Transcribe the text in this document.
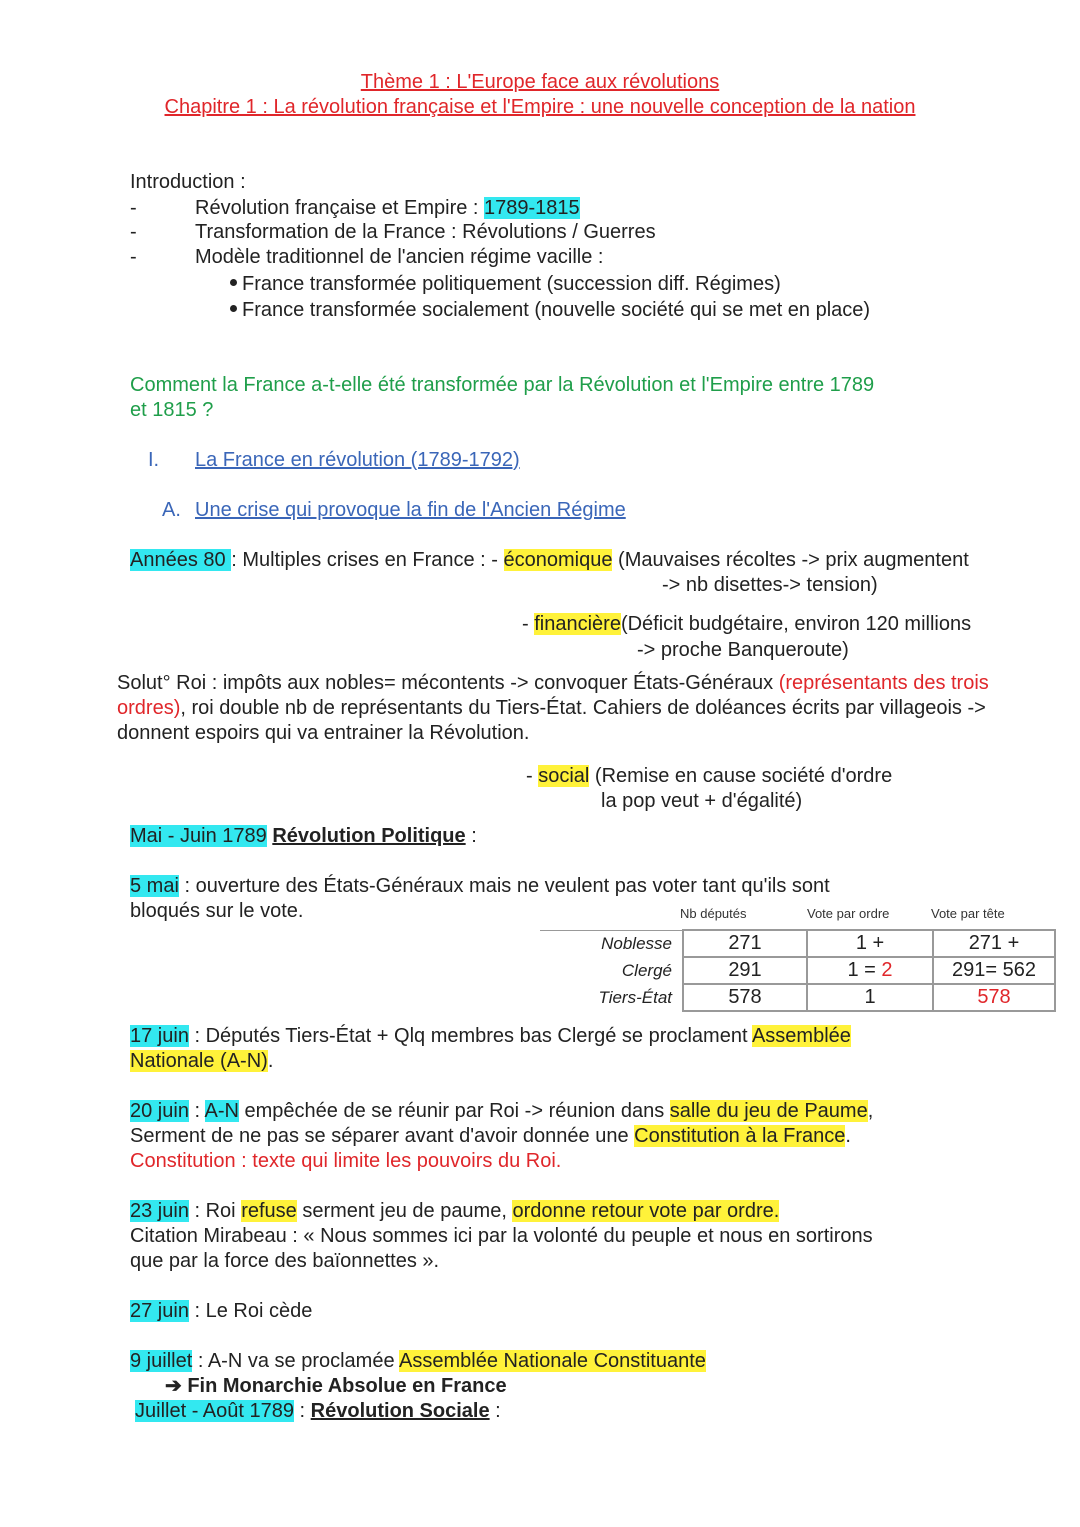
Thème 1 : L'Europe face aux révolutions
Chapitre 1 : La révolution française et l'Empire : une nouvelle conception de la nation
Introduction :
-	Révolution française et Empire : 1789-1815
-	Transformation de la France : Révolutions / Guerres
-	Modèle traditionnel de l'ancien régime vacille :
France transformée politiquement (succession diff. Régimes)
France transformée socialement (nouvelle société qui se met en place)
Comment la France a-t-elle été transformée par la Révolution et l'Empire entre 1789
et 1815 ?
I. La France en révolution (1789-1792)
A. Une crise qui provoque la fin de l'Ancien Régime
Années 80 : Multiples crises en France : - économique (Mauvaises récoltes -> prix augmentent
-> nb disettes-> tension)
- financière(Déficit budgétaire, environ 120 millions
-> proche Banqueroute)
Solut° Roi : impôts aux nobles= mécontents -> convoquer États-Généraux (représentants des trois
ordres), roi double nb de représentants du Tiers-État. Cahiers de doléances écrits par villageois ->
donnent espoirs qui va entrainer la Révolution.
- social (Remise en cause société d'ordre
la pop veut + d'égalité)
Mai - Juin 1789 Révolution Politique :
5 mai : ouverture des États-Généraux mais ne veulent pas voter tant qu'ils sont
bloqués sur le vote.	Nb députés	Vote par ordre	Vote par tête
Noblesse	271	1 +	271 +
Clergé	291	1 = 2	291= 562
Tiers-État	578	1	578
17 juin : Députés Tiers-État + Qlq membres bas Clergé se proclament Assemblée
Nationale (A-N).
20 juin : A-N empêchée de se réunir par Roi -> réunion dans salle du jeu de Paume,
Serment de ne pas se séparer avant d'avoir donnée une Constitution à la France.
Constitution : texte qui limite les pouvoirs du Roi.
23 juin : Roi refuse serment jeu de paume, ordonne retour vote par ordre.
Citation Mirabeau : « Nous sommes ici par la volonté du peuple et nous en sortirons
que par la force des baïonnettes ».
27 juin : Le Roi cède
9 juillet : A-N va se proclamée Assemblée Nationale Constituante
➔ Fin Monarchie Absolue en France
Juillet - Août 1789 : Révolution Sociale :
